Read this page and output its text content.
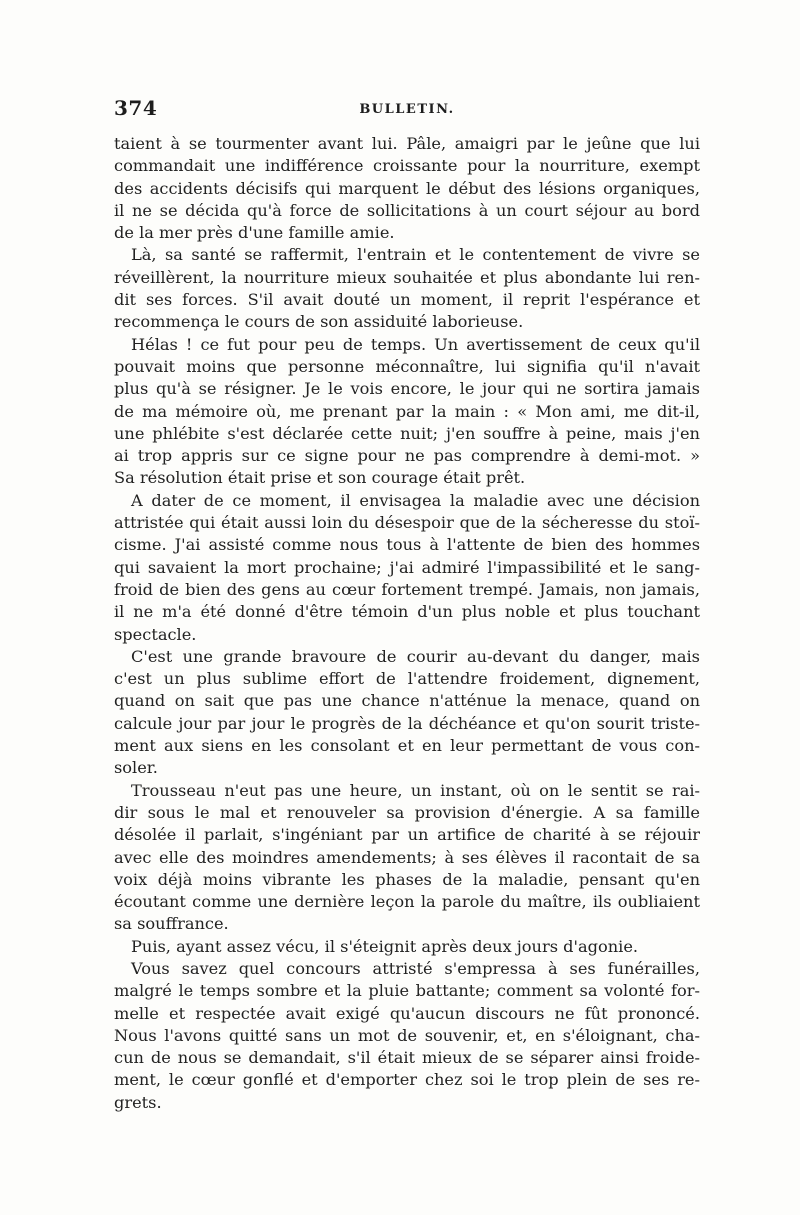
374	BULLETIN.
taient à se tourmenter avant lui. Pâle, amaigri par le jeûne que lui
commandait une indifférence croissante pour la nourriture, exempt
des accidents décisifs qui marquent le début des lésions organiques,
il ne se décida qu'à force de sollicitations à un court séjour au bord
de la mer près d'une famille amie.
Là, sa santé se raffermit, l'entrain et le contentement de vivre se
réveillèrent, la nourriture mieux souhaitée et plus abondante lui ren-
dit ses forces. S'il avait douté un moment, il reprit l'espérance et
recommença le cours de son assiduité laborieuse.
Hélas ! ce fut pour peu de temps. Un avertissement de ceux qu'il
pouvait moins que personne méconnaître, lui signifia qu'il n'avait
plus qu'à se résigner. Je le vois encore, le jour qui ne sortira jamais
de ma mémoire où, me prenant par la main : « Mon ami, me dit-il,
une phlébite s'est déclarée cette nuit; j'en souffre à peine, mais j'en
ai trop appris sur ce signe pour ne pas comprendre à demi-mot. »
Sa résolution était prise et son courage était prêt.
A dater de ce moment, il envisagea la maladie avec une décision
attristée qui était aussi loin du désespoir que de la sécheresse du stoï-
cisme. J'ai assisté comme nous tous à l'attente de bien des hommes
qui savaient la mort prochaine; j'ai admiré l'impassibilité et le sang-
froid de bien des gens au cœur fortement trempé. Jamais, non jamais,
il ne m'a été donné d'être témoin d'un plus noble et plus touchant
spectacle.
C'est une grande bravoure de courir au-devant du danger, mais
c'est un plus sublime effort de l'attendre froidement, dignement,
quand on sait que pas une chance n'atténue la menace, quand on
calcule jour par jour le progrès de la déchéance et qu'on sourit triste-
ment aux siens en les consolant et en leur permettant de vous con-
soler.
Trousseau n'eut pas une heure, un instant, où on le sentit se rai-
dir sous le mal et renouveler sa provision d'énergie. A sa famille
désolée il parlait, s'ingéniant par un artifice de charité à se réjouir
avec elle des moindres amendements; à ses élèves il racontait de sa
voix déjà moins vibrante les phases de la maladie, pensant qu'en
écoutant comme une dernière leçon la parole du maître, ils oubliaient
sa souffrance.
Puis, ayant assez vécu, il s'éteignit après deux jours d'agonie.
Vous savez quel concours attristé s'empressa à ses funérailles,
malgré le temps sombre et la pluie battante; comment sa volonté for-
melle et respectée avait exigé qu'aucun discours ne fût prononcé.
Nous l'avons quitté sans un mot de souvenir, et, en s'éloignant, cha-
cun de nous se demandait, s'il était mieux de se séparer ainsi froide-
ment, le cœur gonflé et d'emporter chez soi le trop plein de ses re-
grets.
